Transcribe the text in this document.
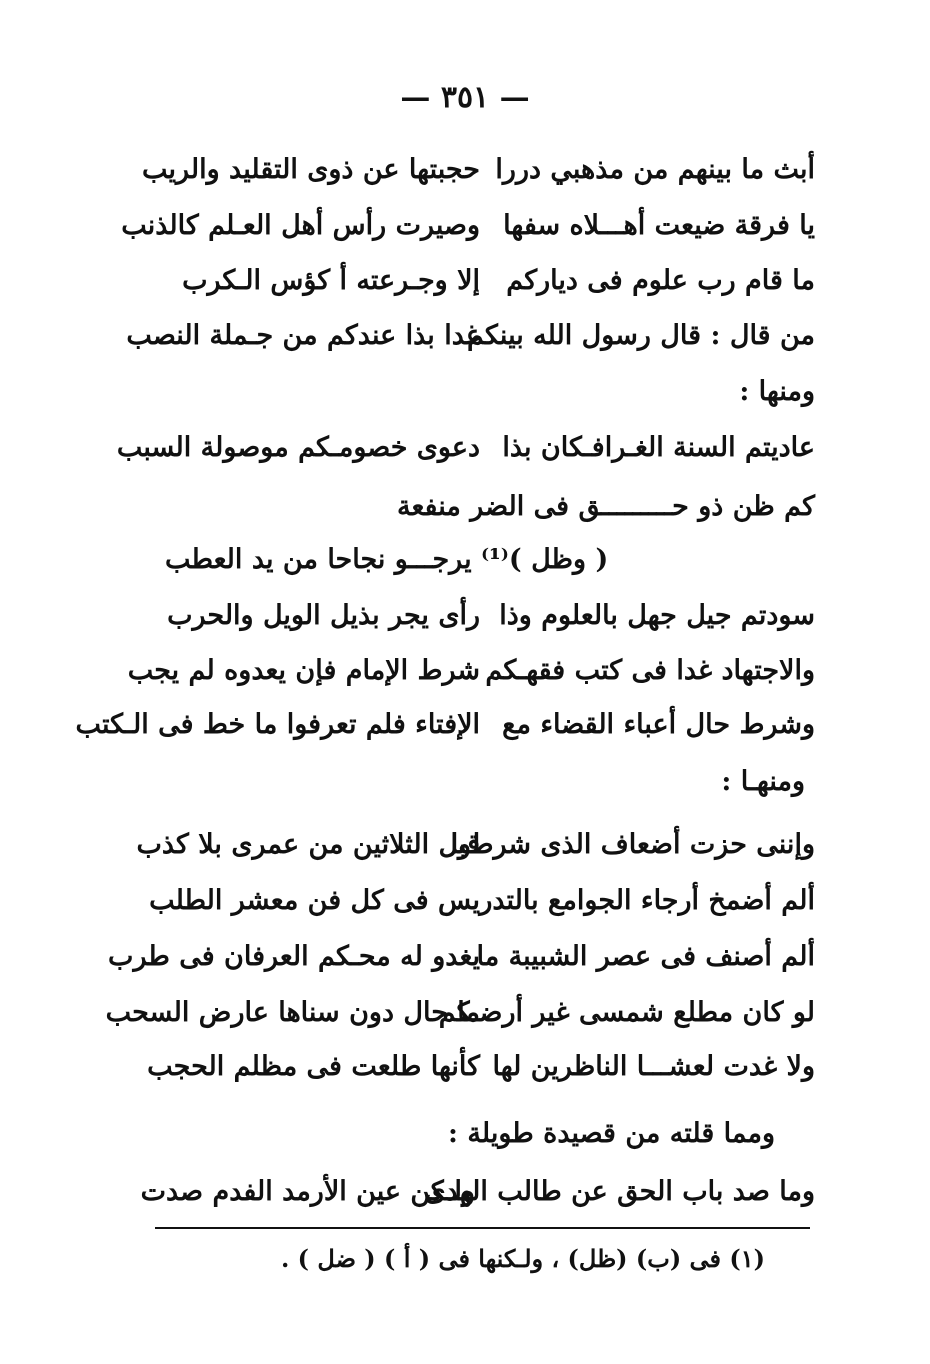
— ٣٥١ —
أبث ما بينهم من مذهبي دررا
حجبتها عن ذوى التقليد والريب
يا فرقة ضيعت أهـــلاه سفها
وصيرت رأس أهل العـلم كالذنب
ما قام رب علوم فى دياركم
إلا وجـرعته أ كؤس الـكرب
من قال : قال رسول الله بينكم
غدا بذا عندكم من جـملة النصب
ومنها :
عاديتم السنة الغـرافـكان بذا
دعوى خصومـكم موصولة السبب
كم ظن ذو حـــــــــق فى الضر منفعة
( وظل )⁽¹⁾ يرجـــو نجاحا من يد العطب
سودتم جيل جهل بالعلوم وذا
رأى يجر بذيل الويل والحرب
والاجتهاد غدا فى كتب فقهـكم
شرط الإمام فإن يعدوه لم يجب
وشرط حال أعباء القضاء مع
الإفتاء فلم تعرفوا ما خط فى الـكتب
ومنهـا :
وإننى حزت أضعاف الذى شرطوا
قبل الثلاثين من عمرى بلا كذب
ألم أضمخ أرجاء الجوامع بالتدر
يس فى كل فن معشر الطلب
ألم أصنف فى عصر الشبيبة ما
يغدو له محـكم العرفان فى طرب
لو كان مطلع شمسى غير أرضـكم
ما حال دون سناها عارض السحب
ولا غدت لعشـــا الناظرين لها
كأنها طلعت فى مظلم الحجب
ومما قلته من قصيدة طويلة :
وما صد باب الحق عن طالب الهدى
ولـكن عين الأرمد الفدم صدت
(١) فى (ب) (ظل) ، ولـكنها فى ( أ ) ( ضل ) .
